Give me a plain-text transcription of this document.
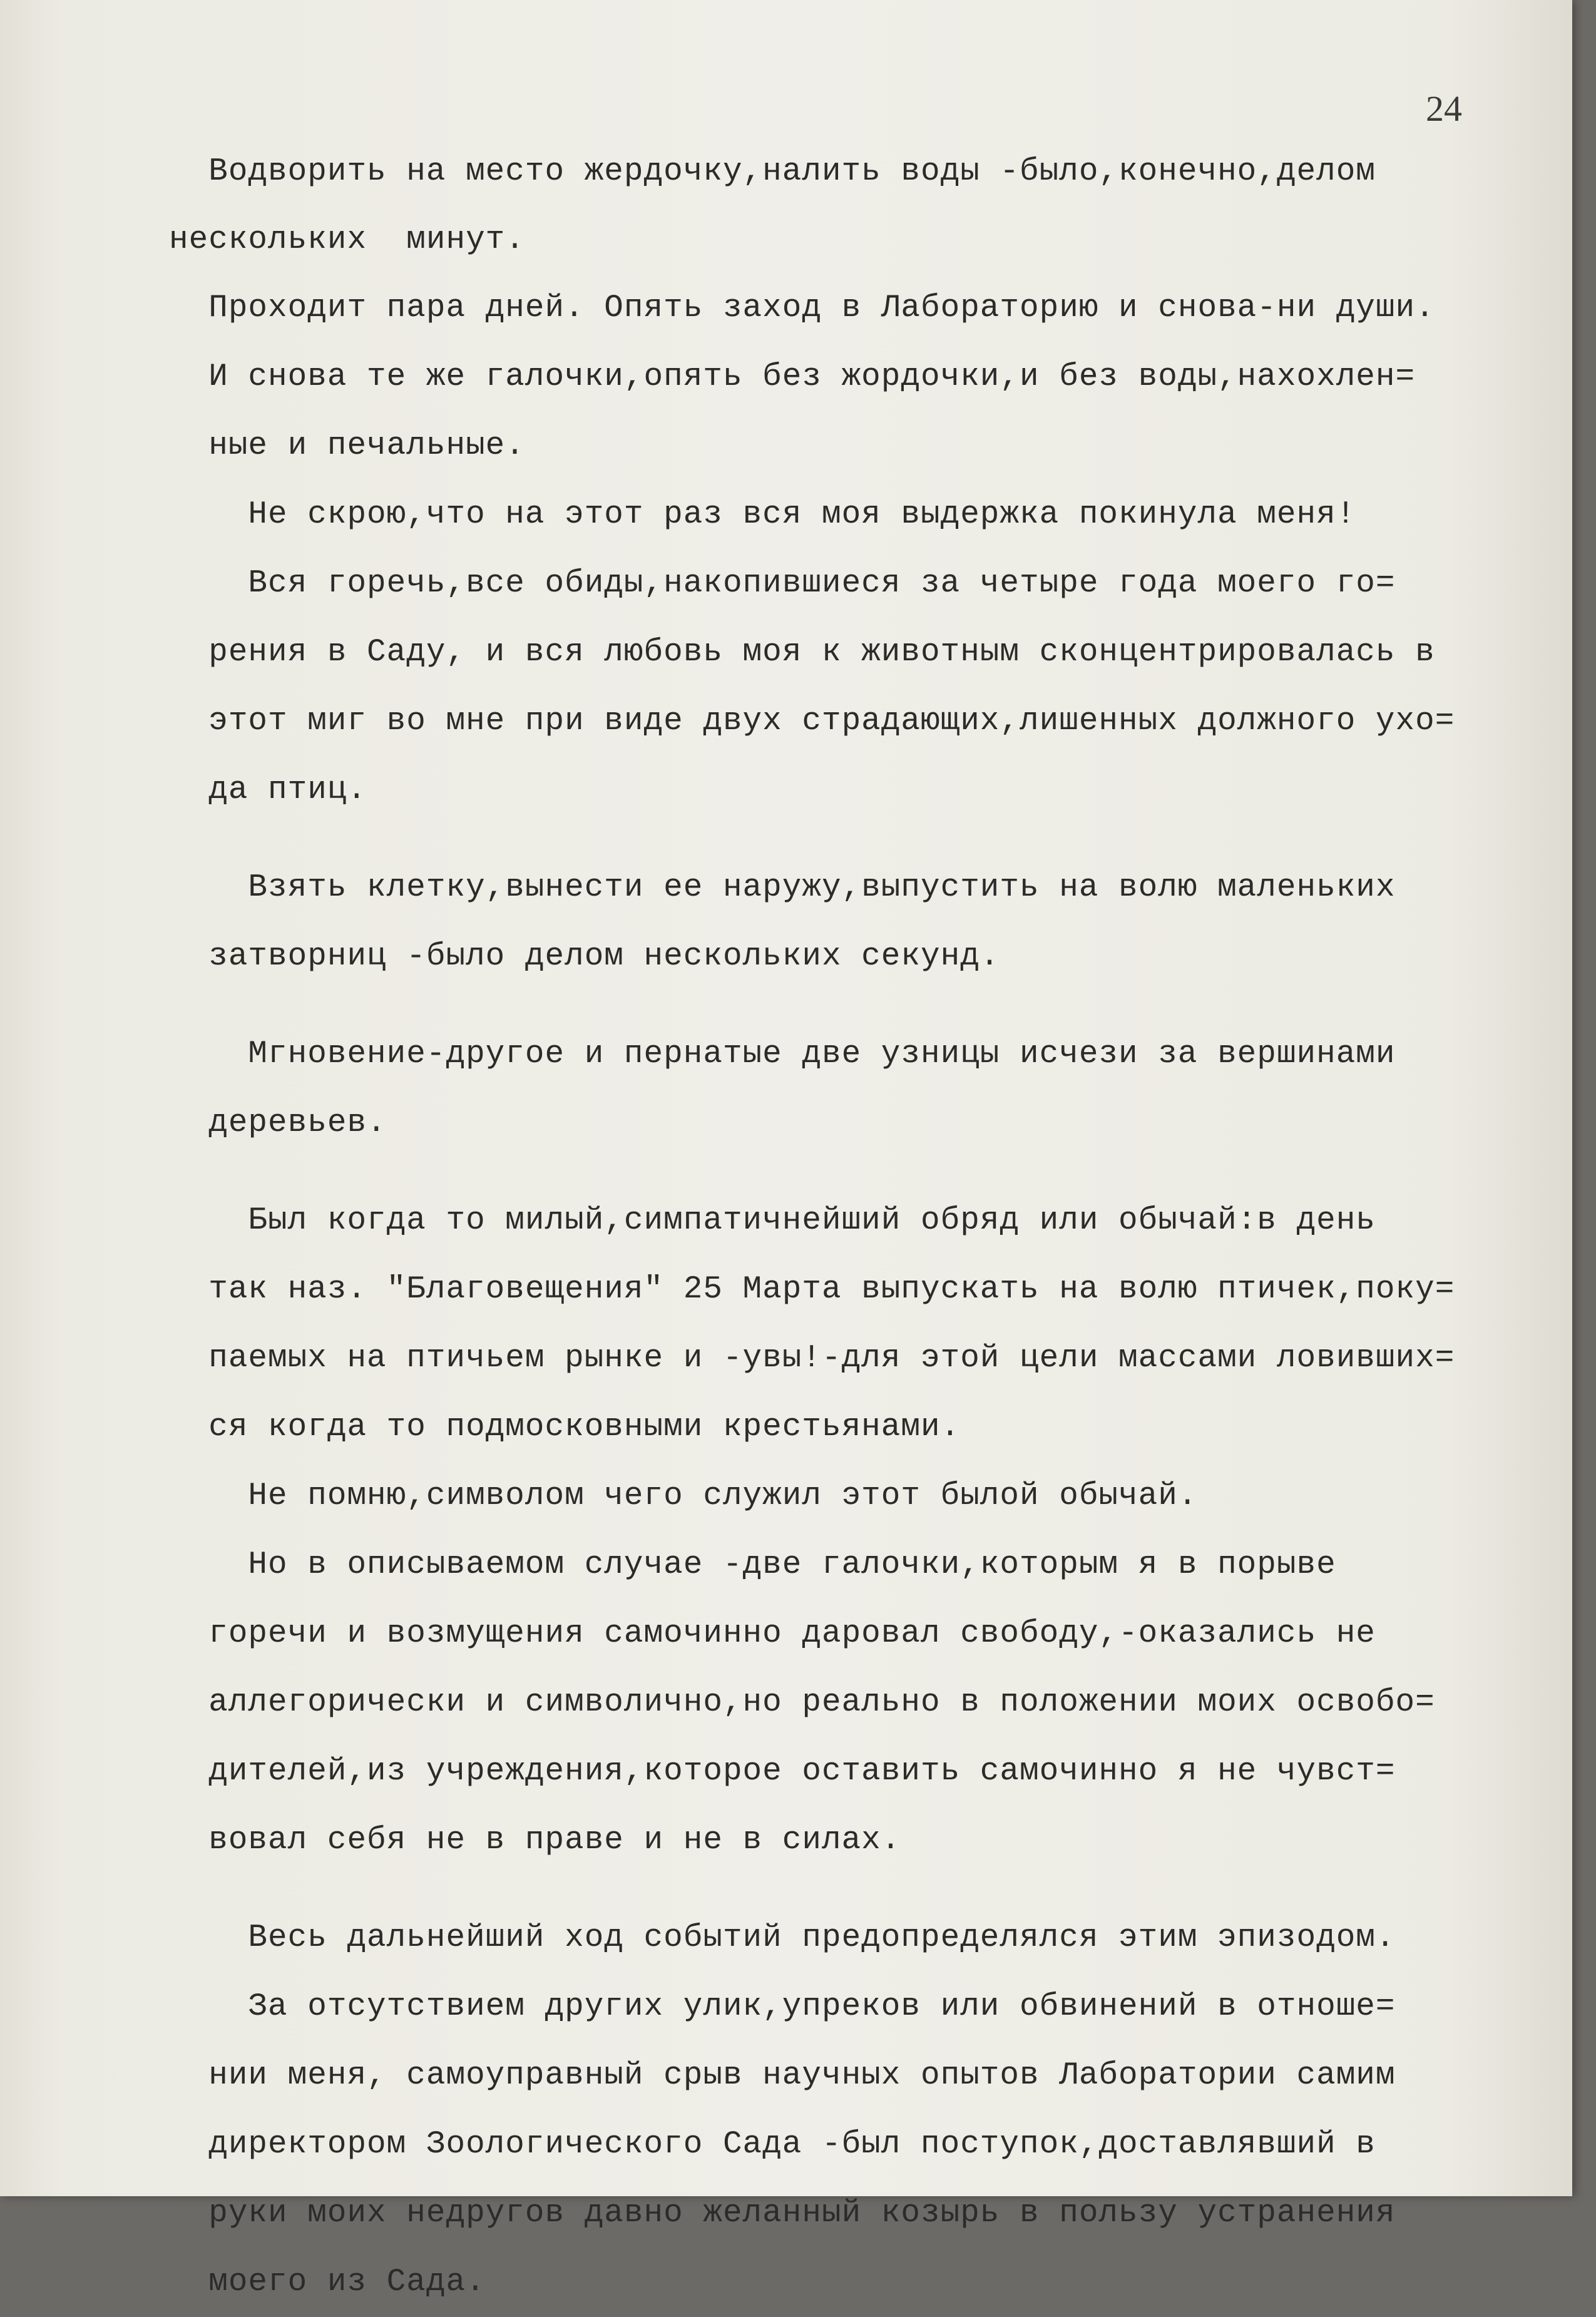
24
Водворить на место жердочку,налить воды -было,конечно,делом
нескольких  минут.
Проходит пара дней. Опять заход в Лабораторию и снова-ни души.
И снова те же галочки,опять без жордочки,и без воды,нахохлен=
ные и печальные.
Не скрою,что на этот раз вся моя выдержка покинула меня!
Вся горечь,все обиды,накопившиеся за четыре года моего го=
рения в Саду, и вся любовь моя к животным сконцентрировалась в
этот миг во мне при виде двух страдающих,лишенных должного ухо=
да птиц.
Взять клетку,вынести ее наружу,выпустить на волю маленьких
затворниц -было делом нескольких секунд.
Мгновение-другое и пернатые две узницы исчези за вершинами
деревьев.
Был когда то милый,симпатичнейший обряд или обычай:в день
так наз. "Благовещения" 25 Марта выпускать на волю птичек,поку=
паемых на птичьем рынке и -увы!-для этой цели массами ловивших=
ся когда то подмосковными крестьянами.
Не помню,символом чего служил этот былой обычай.
Но в описываемом случае -две галочки,которым я в порыве
горечи и возмущения самочинно даровал свободу,-оказались не
аллегорически и символично,но реально в положении моих освобо=
дителей,из учреждения,которое оставить самочинно я не чувст=
вовал себя не в праве и не в силах.
Весь дальнейший ход событий предопределялся этим эпизодом.
За отсутствием других улик,упреков или обвинений в отноше=
нии меня, самоуправный срыв научных опытов Лаборатории самим
директором Зоологического Сада -был поступок,доставлявший в
руки моих недругов давно желанный козырь в пользу устранения
моего из Сада.
